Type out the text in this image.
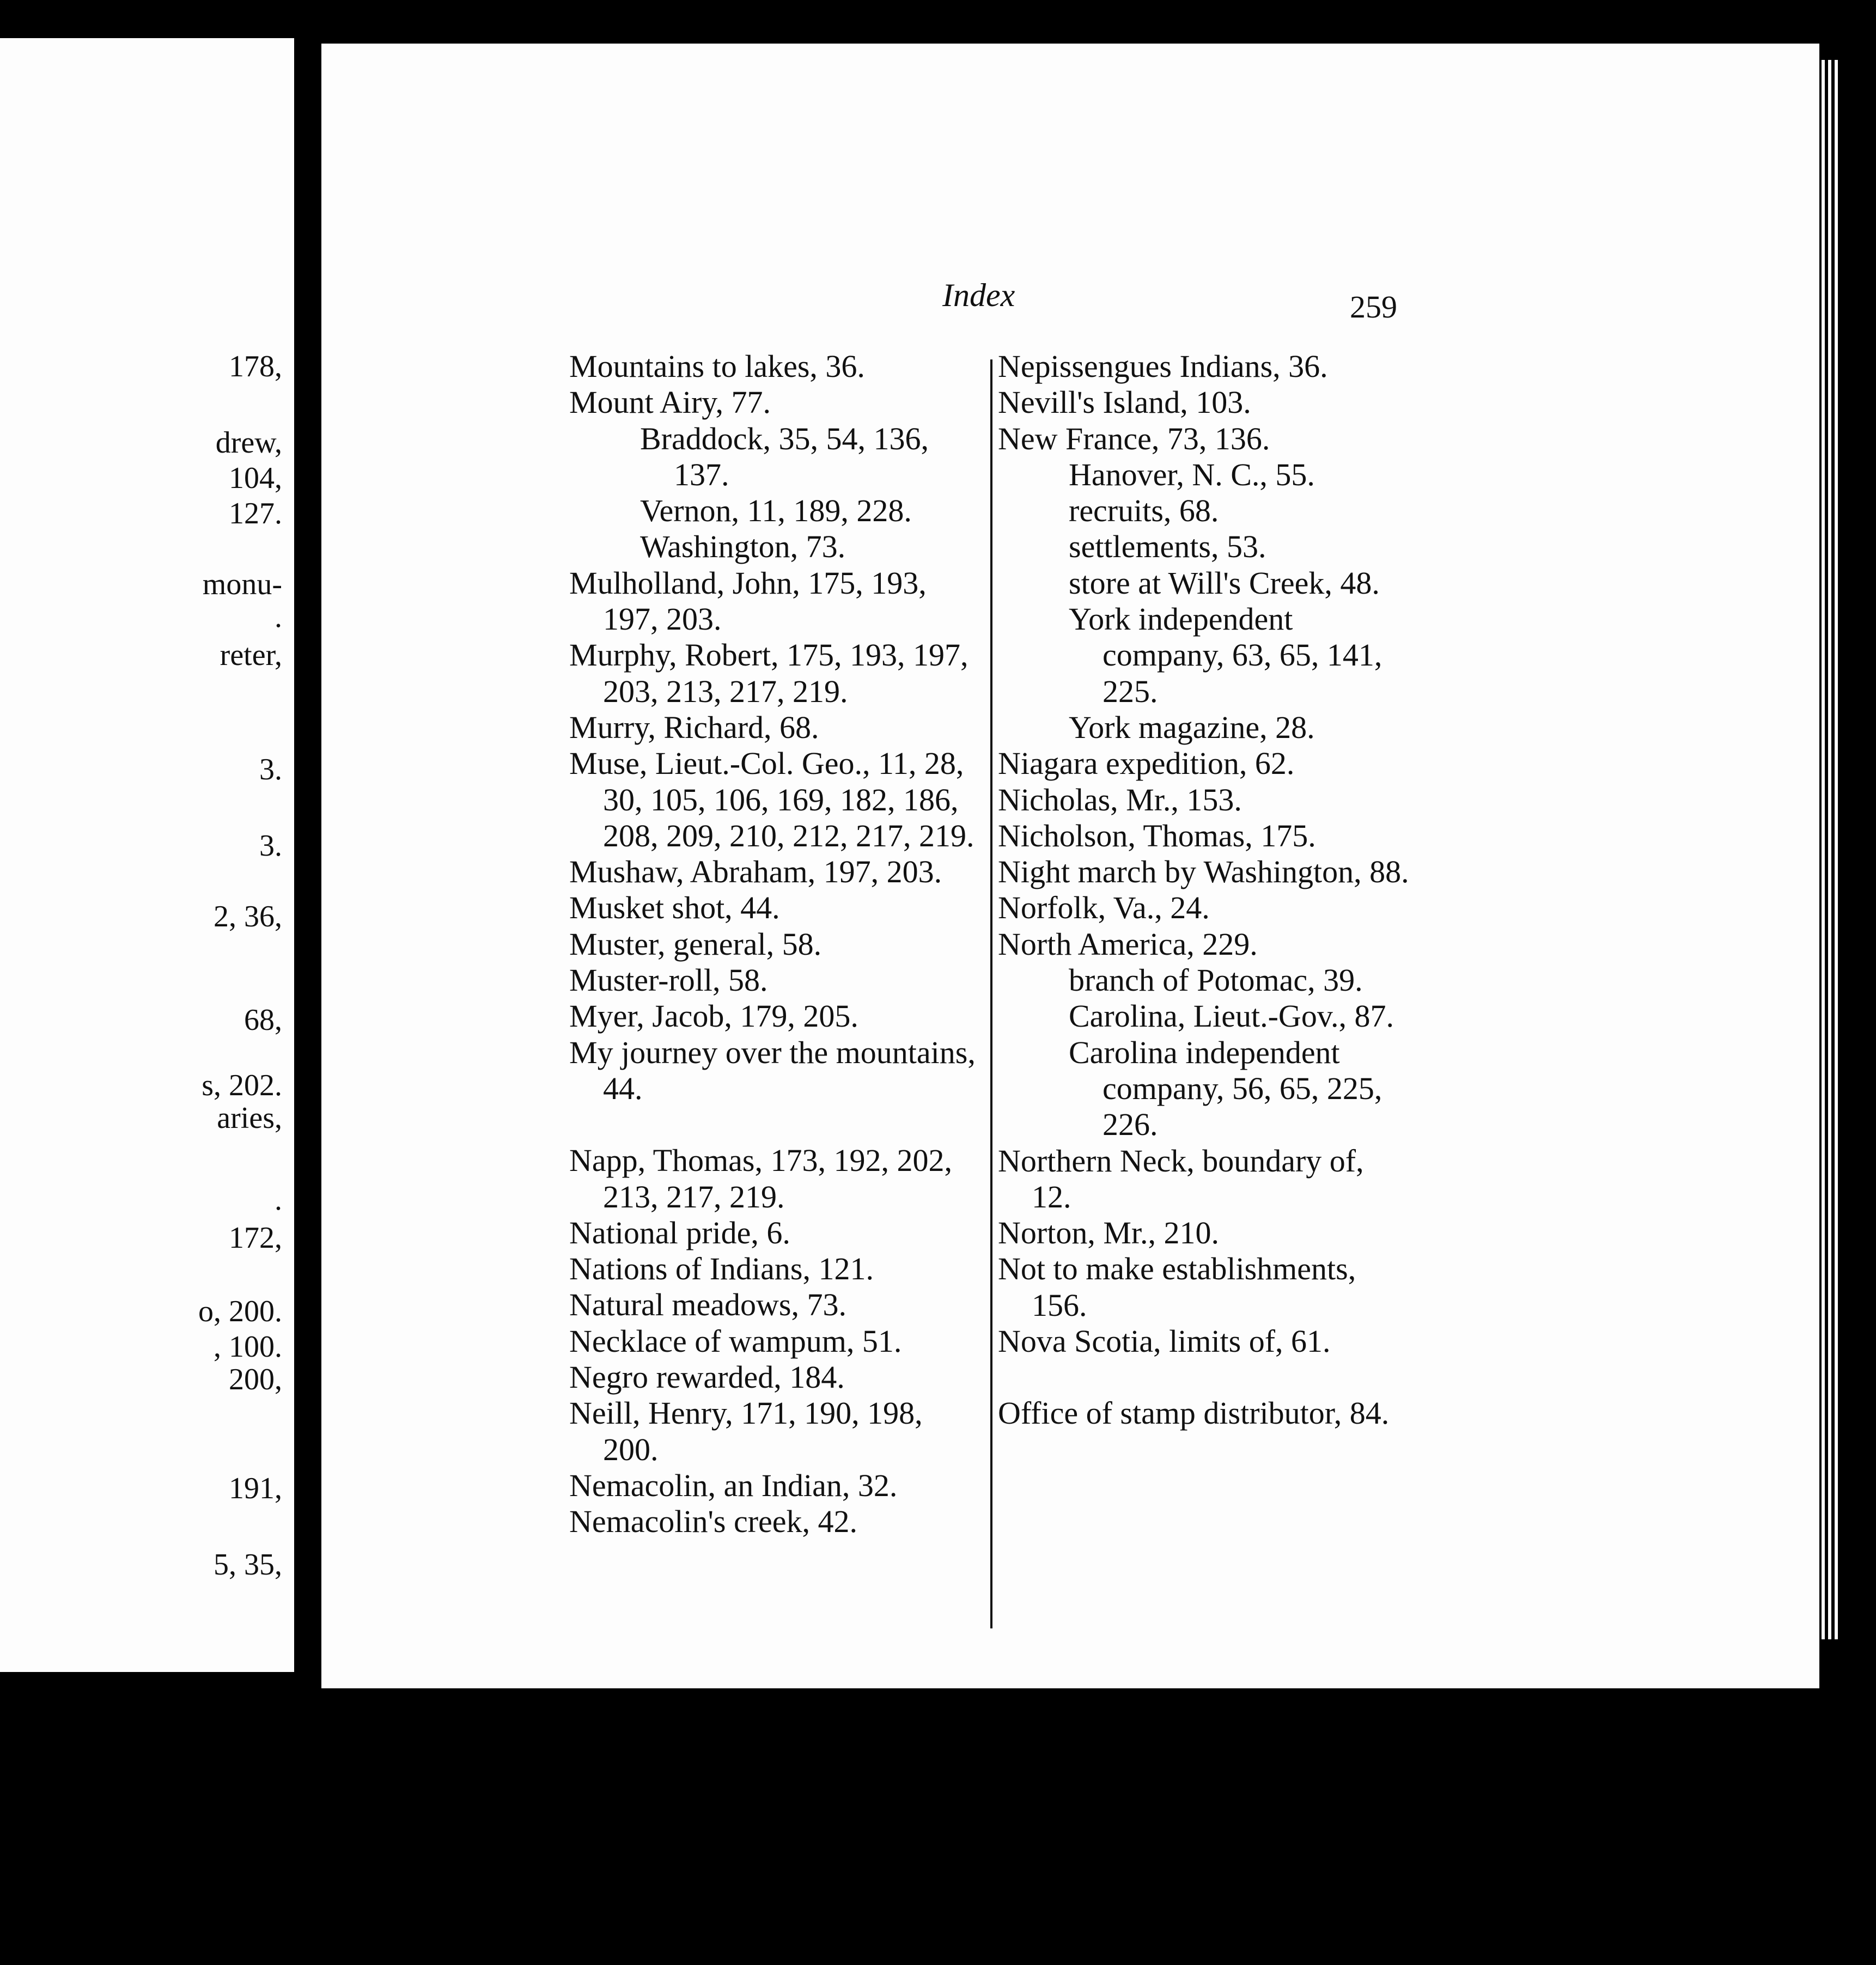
178,
drew,
104,
127.
monu-
.
reter,
3.
3.
2, 36,
68,
s, 202.
aries,
.
172,
o, 200.
, 100.
200,
191,
5, 35,
Index	259
Mountains to lakes, 36.
Mount Airy, 77.
Braddock, 35, 54, 136, 137.
Vernon, 11, 189, 228.
Washington, 73.
Mulholland, John, 175, 193, 197, 203.
Murphy, Robert, 175, 193, 197, 203, 213, 217, 219.
Murry, Richard, 68.
Muse, Lieut.-Col. Geo., 11, 28, 30, 105, 106, 169, 182, 186, 208, 209, 210, 212, 217, 219.
Mushaw, Abraham, 197, 203.
Musket shot, 44.
Muster, general, 58.
Muster-roll, 58.
Myer, Jacob, 179, 205.
My journey over the mountains, 44.
Napp, Thomas, 173, 192, 202, 213, 217, 219.
National pride, 6.
Nations of Indians, 121.
Natural meadows, 73.
Necklace of wampum, 51.
Negro rewarded, 184.
Neill, Henry, 171, 190, 198, 200.
Nemacolin, an Indian, 32.
Nemacolin's creek, 42.
Nepissengues Indians, 36.
Nevill's Island, 103.
New France, 73, 136.
Hanover, N. C., 55.
recruits, 68.
settlements, 53.
store at Will's Creek, 48.
York independent company, 63, 65, 141, 225.
York magazine, 28.
Niagara expedition, 62.
Nicholas, Mr., 153.
Nicholson, Thomas, 175.
Night march by Washington, 88.
Norfolk, Va., 24.
North America, 229.
branch of Potomac, 39.
Carolina, Lieut.-Gov., 87.
Carolina independent company, 56, 65, 225, 226.
Northern Neck, boundary of, 12.
Norton, Mr., 210.
Not to make establishments, 156.
Nova Scotia, limits of, 61.
Office of stamp distributor, 84.
